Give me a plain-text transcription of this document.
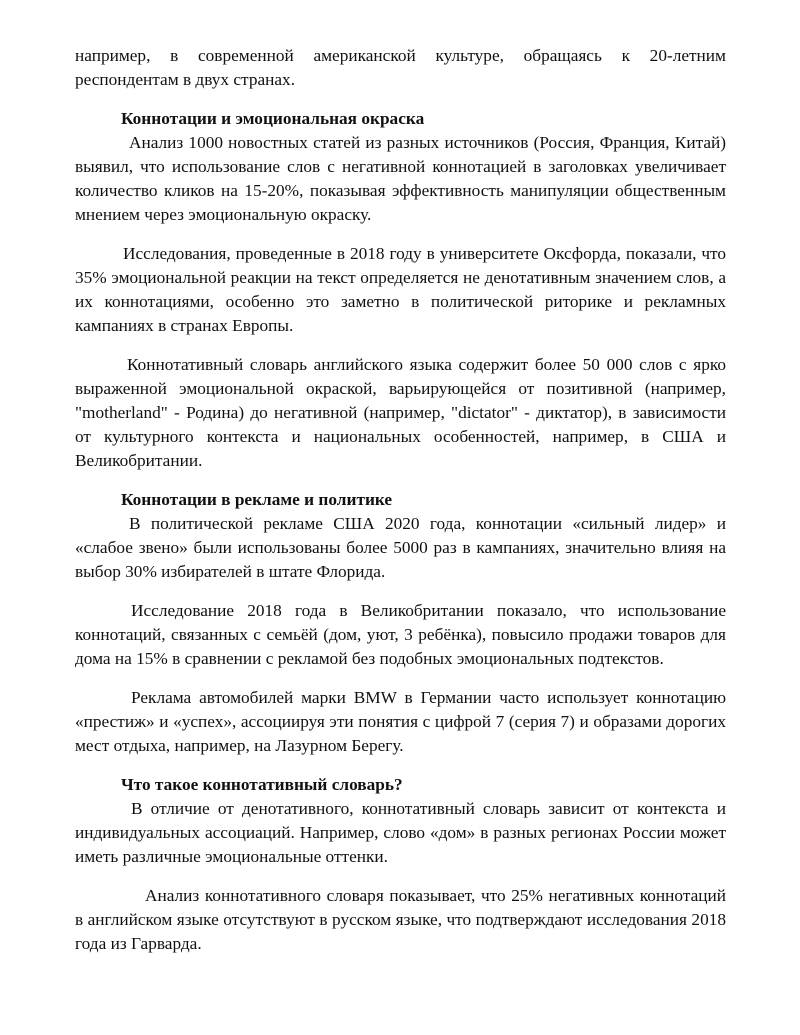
например, в современной американской культуре, обращаясь к 20-летним респондентам в двух странах.

Коннотации и эмоциональная окраска

Анализ 1000 новостных статей из разных источников (Россия, Франция, Китай) выявил, что использование слов с негативной коннотацией в заголовках увеличивает количество кликов на 15-20%, показывая эффективность манипуляции общественным мнением через эмоциональную окраску.

Исследования, проведенные в 2018 году в университете Оксфорда, показали, что 35% эмоциональной реакции на текст определяется не денотативным значением слов, а их коннотациями, особенно это заметно в политической риторике и рекламных кампаниях в странах Европы.

Коннотативный словарь английского языка содержит более 50 000 слов с ярко выраженной эмоциональной окраской, варьирующейся от позитивной (например, "motherland" - Родина) до негативной (например, "dictator" - диктатор), в зависимости от культурного контекста и национальных особенностей, например, в США и Великобритании.

Коннотации в рекламе и политике

В политической рекламе США 2020 года, коннотации «сильный лидер» и «слабое звено» были использованы более 5000 раз в кампаниях, значительно влияя на выбор 30% избирателей в штате Флорида.

Исследование 2018 года в Великобритании показало, что использование коннотаций, связанных с семьёй (дом, уют, 3 ребёнка), повысило продажи товаров для дома на 15% в сравнении с рекламой без подобных эмоциональных подтекстов.

Реклама автомобилей марки BMW в Германии часто использует коннотацию «престиж» и «успех», ассоциируя эти понятия с цифрой 7 (серия 7) и образами дорогих мест отдыха, например, на Лазурном Берегу.

Что такое коннотативный словарь?

В отличие от денотативного, коннотативный словарь зависит от контекста и индивидуальных ассоциаций. Например, слово «дом» в разных регионах России может иметь различные эмоциональные оттенки.

Анализ коннотативного словаря показывает, что 25% негативных коннотаций в английском языке отсутствуют в русском языке, что подтверждают исследования 2018 года из Гарварда.
